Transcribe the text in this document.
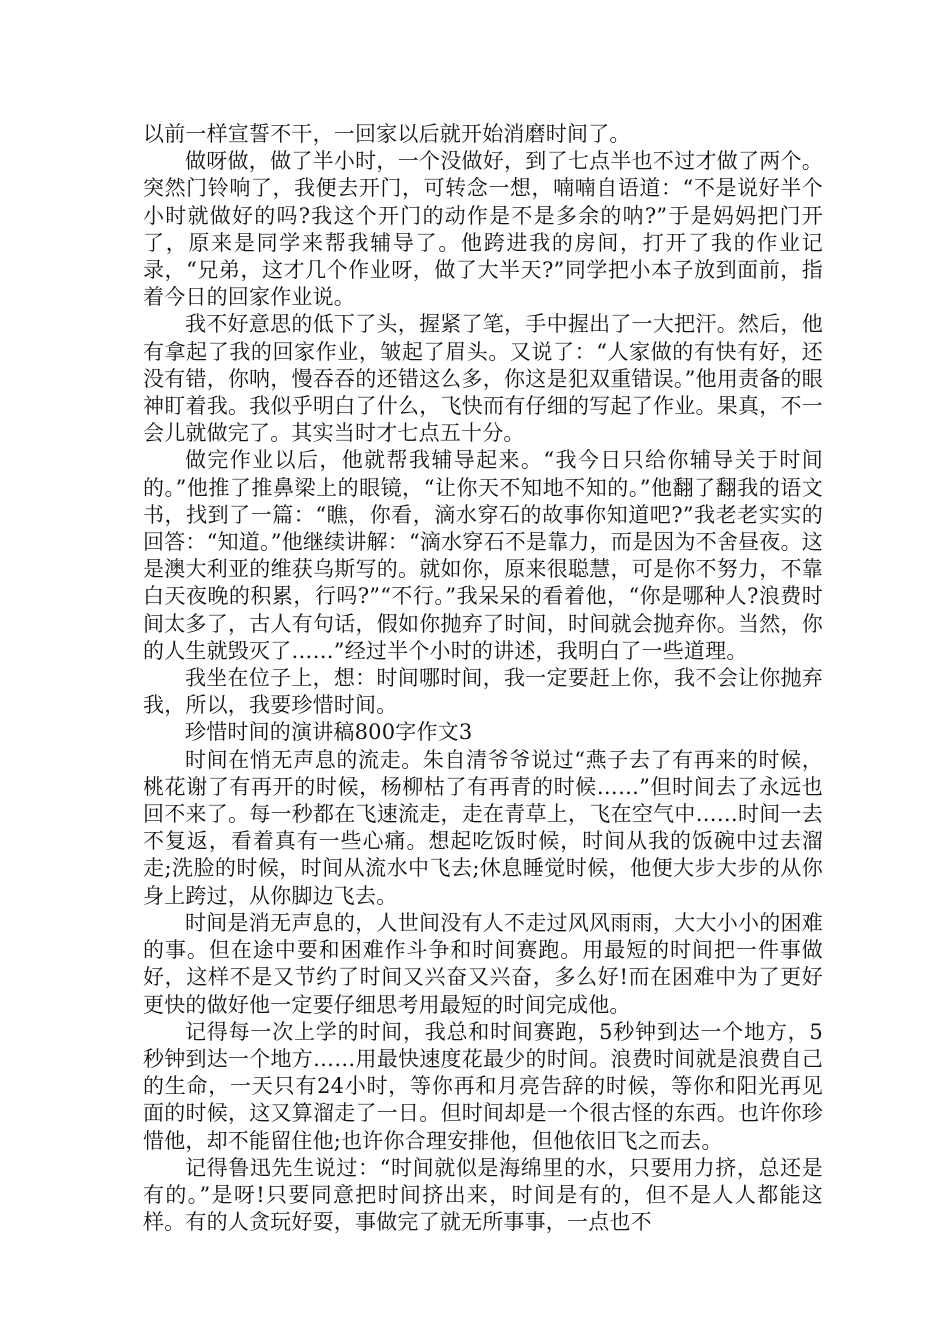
以前一样宣誓不干，一回家以后就开始消磨时间了。

做呀做，做了半小时，一个没做好，到了七点半也不过才做了两个。突然门铃响了，我便去开门，可转念一想，喃喃自语道：“不是说好半个小时就做好的吗?我这个开门的动作是不是多余的呐?”于是妈妈把门开了，原来是同学来帮我辅导了。他跨进我的房间，打开了我的作业记录，“兄弟，这才几个作业呀，做了大半天?”同学把小本子放到面前，指着今日的回家作业说。

我不好意思的低下了头，握紧了笔，手中握出了一大把汗。然后，他有拿起了我的回家作业，皱起了眉头。又说了：“人家做的有快有好，还没有错，你呐，慢吞吞的还错这么多，你这是犯双重错误。”他用责备的眼神盯着我。我似乎明白了什么，飞快而有仔细的写起了作业。果真，不一会儿就做完了。其实当时才七点五十分。

做完作业以后，他就帮我辅导起来。“我今日只给你辅导关于时间的。”他推了推鼻梁上的眼镜，“让你天不知地不知的。”他翻了翻我的语文书，找到了一篇：“瞧，你看，滴水穿石的故事你知道吧?”我老老实实的回答：“知道。”他继续讲解：“滴水穿石不是靠力，而是因为不舍昼夜。这是澳大利亚的维获乌斯写的。就如你，原来很聪慧，可是你不努力，不靠白天夜晚的积累，行吗?”“不行。”我呆呆的看着他，“你是哪种人?浪费时间太多了，古人有句话，假如你抛弃了时间，时间就会抛弃你。当然，你的人生就毁灭了……”经过半个小时的讲述，我明白了一些道理。

我坐在位子上，想：时间哪时间，我一定要赶上你，我不会让你抛弃我，所以，我要珍惜时间。

珍惜时间的演讲稿800字作文3

时间在悄无声息的流走。朱自清爷爷说过“燕子去了有再来的时候，桃花谢了有再开的时候，杨柳枯了有再青的时候……”但时间去了永远也回不来了。每一秒都在飞速流走，走在青草上，飞在空气中……时间一去不复返，看着真有一些心痛。想起吃饭时候，时间从我的饭碗中过去溜走;洗脸的时候，时间从流水中飞去;休息睡觉时候，他便大步大步的从你身上跨过，从你脚边飞去。

时间是消无声息的，人世间没有人不走过风风雨雨，大大小小的困难的事。但在途中要和困难作斗争和时间赛跑。用最短的时间把一件事做好，这样不是又节约了时间又兴奋又兴奋，多么好!而在困难中为了更好更快的做好他一定要仔细思考用最短的时间完成他。

记得每一次上学的时间，我总和时间赛跑，5秒钟到达一个地方，5秒钟到达一个地方……用最快速度花最少的时间。浪费时间就是浪费自己的生命，一天只有24小时，等你再和月亮告辞的时候，等你和阳光再见面的时候，这又算溜走了一日。但时间却是一个很古怪的东西。也许你珍惜他，却不能留住他;也许你合理安排他，但他依旧飞之而去。

记得鲁迅先生说过：“时间就似是海绵里的水，只要用力挤，总还是有的。”是呀!只要同意把时间挤出来，时间是有的，但不是人人都能这样。有的人贪玩好耍，事做完了就无所事事，一点也不
